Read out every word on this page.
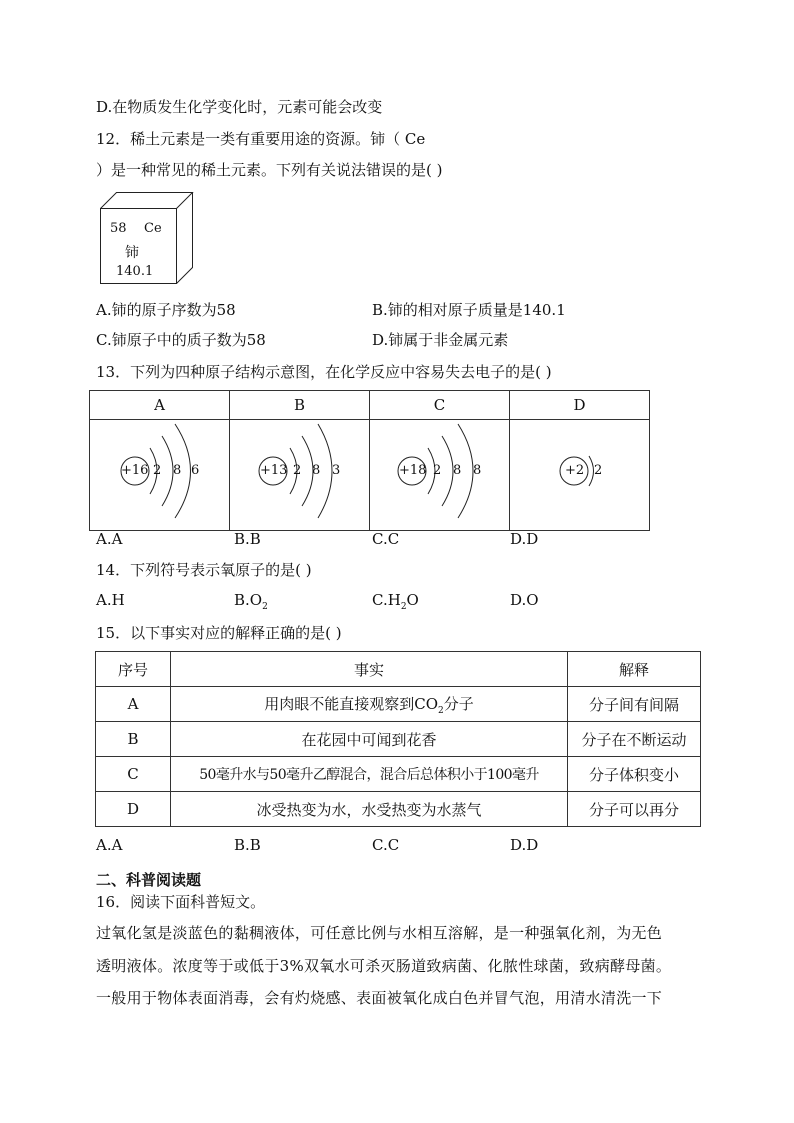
D.在物质发生化学变化时，元素可能会改变
12．稀土元素是一类有重要用途的资源。铈（ Ce
）是一种常见的稀土元素。下列有关说法错误的是( )
58 Ce
铈
140.1
A.铈的原子序数为58	B.铈的相对原子质量是140.1
C.铈原子中的质子数为58	D.铈属于非金属元素
13．下列为四种原子结构示意图，在化学反应中容易失去电子的是( )
A	B	C	D

+16 2 8 6	+13 2 8 3	+18 2 8 8	+2 2
A.A	B.B	C.C	D.D
14．下列符号表示氧原子的是( )
A.H	$B.O_2$	$C.H_2O$	D.O
15．以下事实对应的解释正确的是( )
序号	事实	解释
A	用肉眼不能直接观察到$CO_2$分子	分子间有间隔
B	在花园中可闻到花香	分子在不断运动
C	50毫升水与50毫升乙醇混合，混合后总体积小于100毫升	分子体积变小
D	冰受热变为水，水受热变为水蒸气	分子可以再分
A.A	B.B	C.C	D.D
二、科普阅读题
16．阅读下面科普短文。
过氧化氢是淡蓝色的黏稠液体，可任意比例与水相互溶解，是一种强氧化剂，为无色
透明液体。浓度等于或低于3%双氧水可杀灭肠道致病菌、化脓性球菌，致病酵母菌。
一般用于物体表面消毒，会有灼烧感、表面被氧化成白色并冒气泡，用清水清洗一下
